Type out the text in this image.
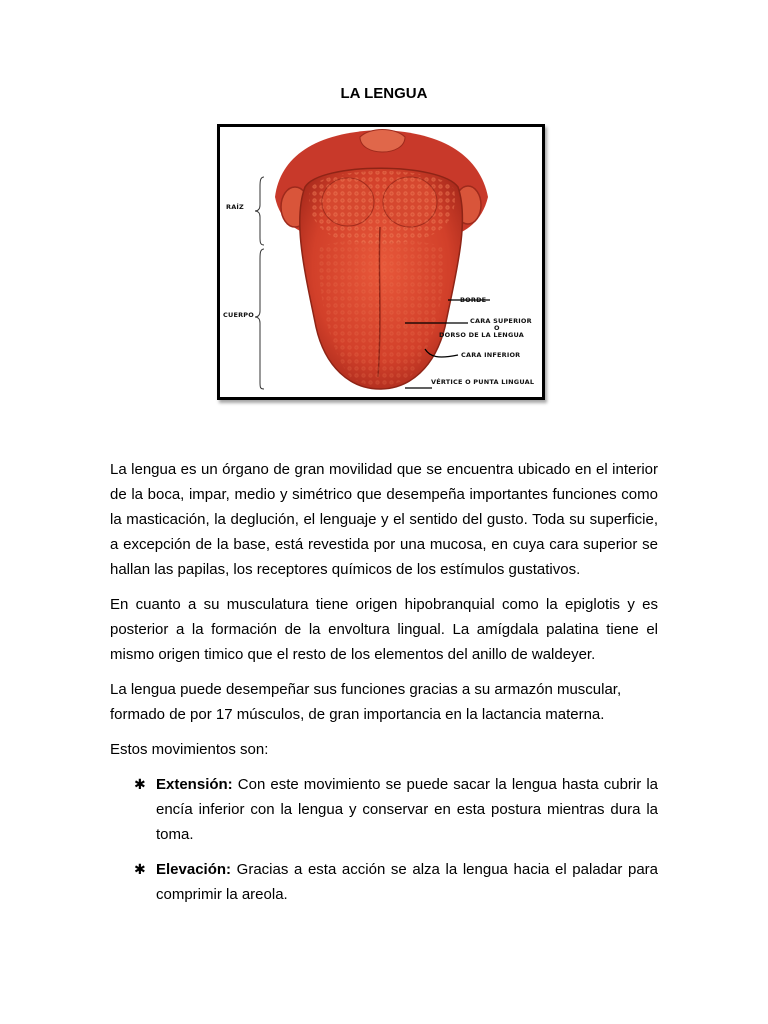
LA LENGUA
RAÍZ
CUERPO
BORDE
CARA SUPERIOR
O
DORSO DE LA LENGUA
CARA INFERIOR
VÉRTICE O PUNTA LINGUAL

La lengua es un órgano de gran movilidad que se encuentra ubicado en el interior de la boca, impar, medio y simétrico que desempeña importantes funciones como la masticación, la deglución, el lenguaje y el sentido del gusto. Toda su superficie, a excepción de la base, está revestida por una mucosa, en cuya cara superior se hallan las papilas, los receptores químicos de los estímulos gustativos.

En cuanto a su musculatura tiene origen hipobranquial como la epiglotis y es posterior a la formación de la envoltura lingual. La amígdala palatina tiene el mismo origen timico que el resto de los elementos del anillo de waldeyer.

La lengua puede desempeñar sus funciones gracias a su armazón muscular, formado de por 17 músculos, de gran importancia en la lactancia materna.

Estos movimientos son:

✱ Extensión: Con este movimiento se puede sacar la lengua hasta cubrir la encía inferior con la lengua y conservar en esta postura mientras dura la toma.
✱ Elevación: Gracias a esta acción se alza la lengua hacia el paladar para comprimir la areola.
